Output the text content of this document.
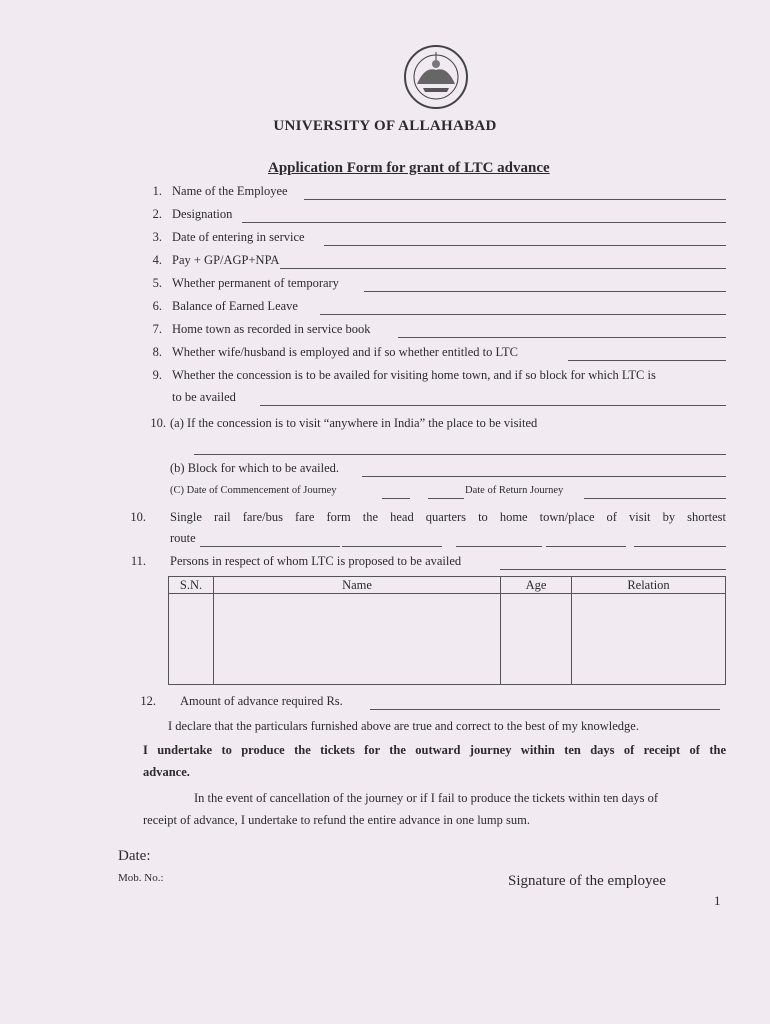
UNIVERSITY OF ALLAHABAD
Application Form for grant of LTC advance
1. Name of the Employee
2. Designation
3. Date of entering in service
4. Pay + GP/AGP+NPA
5. Whether permanent of temporary
6. Balance of Earned Leave
7. Home town as recorded in service book
8. Whether wife/husband is employed and if so whether entitled to LTC
9. Whether the concession is to be availed for visiting home town, and if so block for which LTC is
to be availed
10. (a) If the concession is to visit “anywhere in India” the place to be visited
(b) Block for which to be availed.
(C) Date of Commencement of Journey	Date of Return Journey
10. Single rail fare/bus fare form the head quarters to home town/place of visit by shortest
route
11. Persons in respect of whom LTC is proposed to be availed
S.N.	Name	Age	Relation

12. Amount of advance required Rs.
I declare that the particulars furnished above are true and correct to the best of my knowledge.
I undertake to produce the tickets for the outward journey within ten days of receipt of the
advance.
In the event of cancellation of the journey or if I fail to produce the tickets within ten days of
receipt of advance, I undertake to refund the entire advance in one lump sum.
Date:
Mob. No.:	Signature of the employee
1
